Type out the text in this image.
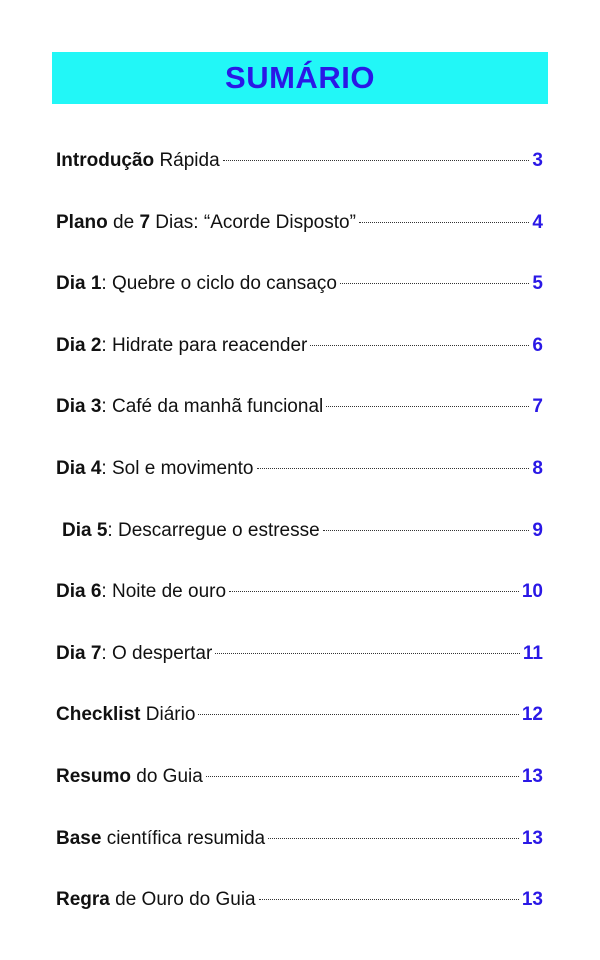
SUMÁRIO
Introdução Rápida	3
Plano de 7 Dias: “Acorde Disposto”	4
Dia 1: Quebre o ciclo do cansaço	5
Dia 2: Hidrate para reacender	6
Dia 3: Café da manhã funcional	7
Dia 4: Sol e movimento	8
Dia 5: Descarregue o estresse	9
Dia 6: Noite de ouro	10
Dia 7: O despertar	11
Checklist Diário	12
Resumo do Guia	13
Base científica resumida	13
Regra de Ouro do Guia	13
